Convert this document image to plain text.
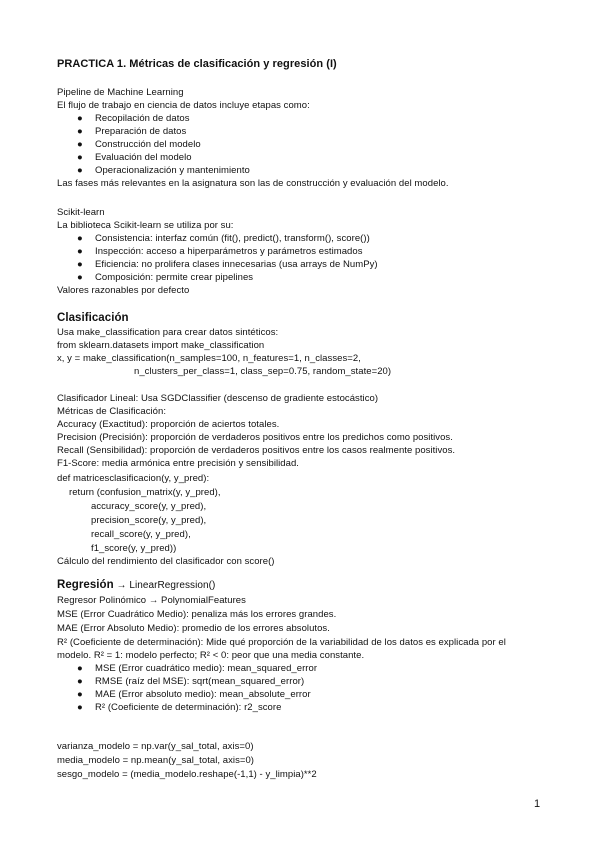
PRACTICA 1. Métricas de clasificación y regresión (I)
Pipeline de Machine Learning
El flujo de trabajo en ciencia de datos incluye etapas como:
● Recopilación de datos
● Preparación de datos
● Construcción del modelo
● Evaluación del modelo
● Operacionalización y mantenimiento
Las fases más relevantes en la asignatura son las de construcción y evaluación del modelo.
Scikit-learn
La biblioteca Scikit-learn se utiliza por su:
● Consistencia: interfaz común (fit(), predict(), transform(), score())
● Inspección: acceso a hiperparámetros y parámetros estimados
● Eficiencia: no prolifera clases innecesarias (usa arrays de NumPy)
● Composición: permite crear pipelines
Valores razonables por defecto
Clasificación
Usa make_classification para crear datos sintéticos:
from sklearn.datasets import make_classification
x, y = make_classification(n_samples=100, n_features=1, n_classes=2,
n_clusters_per_class=1, class_sep=0.75, random_state=20)
Clasificador Lineal: Usa SGDClassifier (descenso de gradiente estocástico)
Métricas de Clasificación:
Accuracy (Exactitud): proporción de aciertos totales.
Precision (Precisión): proporción de verdaderos positivos entre los predichos como positivos.
Recall (Sensibilidad): proporción de verdaderos positivos entre los casos realmente positivos.
F1-Score: media armónica entre precisión y sensibilidad.
def matricesclasificacion(y, y_pred):
return (confusion_matrix(y, y_pred),
accuracy_score(y, y_pred),
precision_score(y, y_pred),
recall_score(y, y_pred),
f1_score(y, y_pred))
Cálculo del rendimiento del clasificador con score()
Regresión → LinearRegression()
Regresor Polinómico → PolynomialFeatures
MSE (Error Cuadrático Medio): penaliza más los errores grandes.
MAE (Error Absoluto Medio): promedio de los errores absolutos.
R² (Coeficiente de determinación): Mide qué proporción de la variabilidad de los datos es explicada por el
modelo. R² = 1: modelo perfecto; R² < 0: peor que una media constante.
● MSE (Error cuadrático medio): mean_squared_error
● RMSE (raíz del MSE): sqrt(mean_squared_error)
● MAE (Error absoluto medio): mean_absolute_error
● R² (Coeficiente de determinación): r2_score
varianza_modelo = np.var(y_sal_total, axis=0)
media_modelo = np.mean(y_sal_total, axis=0)
sesgo_modelo = (media_modelo.reshape(-1,1) - y_limpia)**2
1
